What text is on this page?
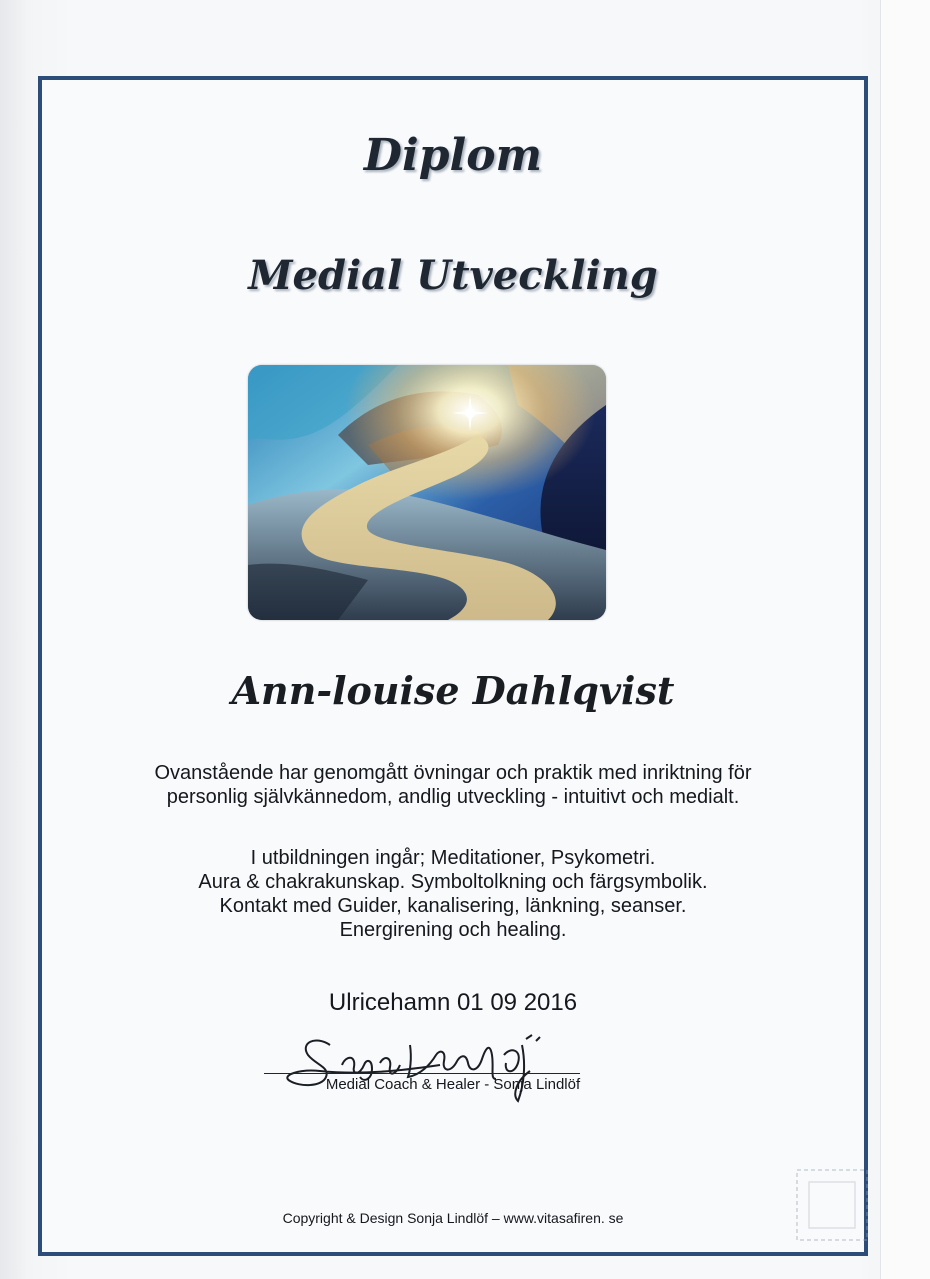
Diplom
Medial Utveckling
Ann-louise Dahlqvist
Ovanstående har genomgått övningar och praktik med inriktning för
personlig självkännedom, andlig utveckling - intuitivt och medialt.
I utbildningen ingår; Meditationer, Psykometri.
Aura & chakrakunskap. Symboltolkning och färgsymbolik.
Kontakt med Guider, kanalisering, länkning, seanser.
Energirening och healing.
Ulricehamn 01 09 2016
Medial Coach & Healer - Sonja Lindlöf
Copyright & Design Sonja Lindlöf – www.vitasafiren. se
